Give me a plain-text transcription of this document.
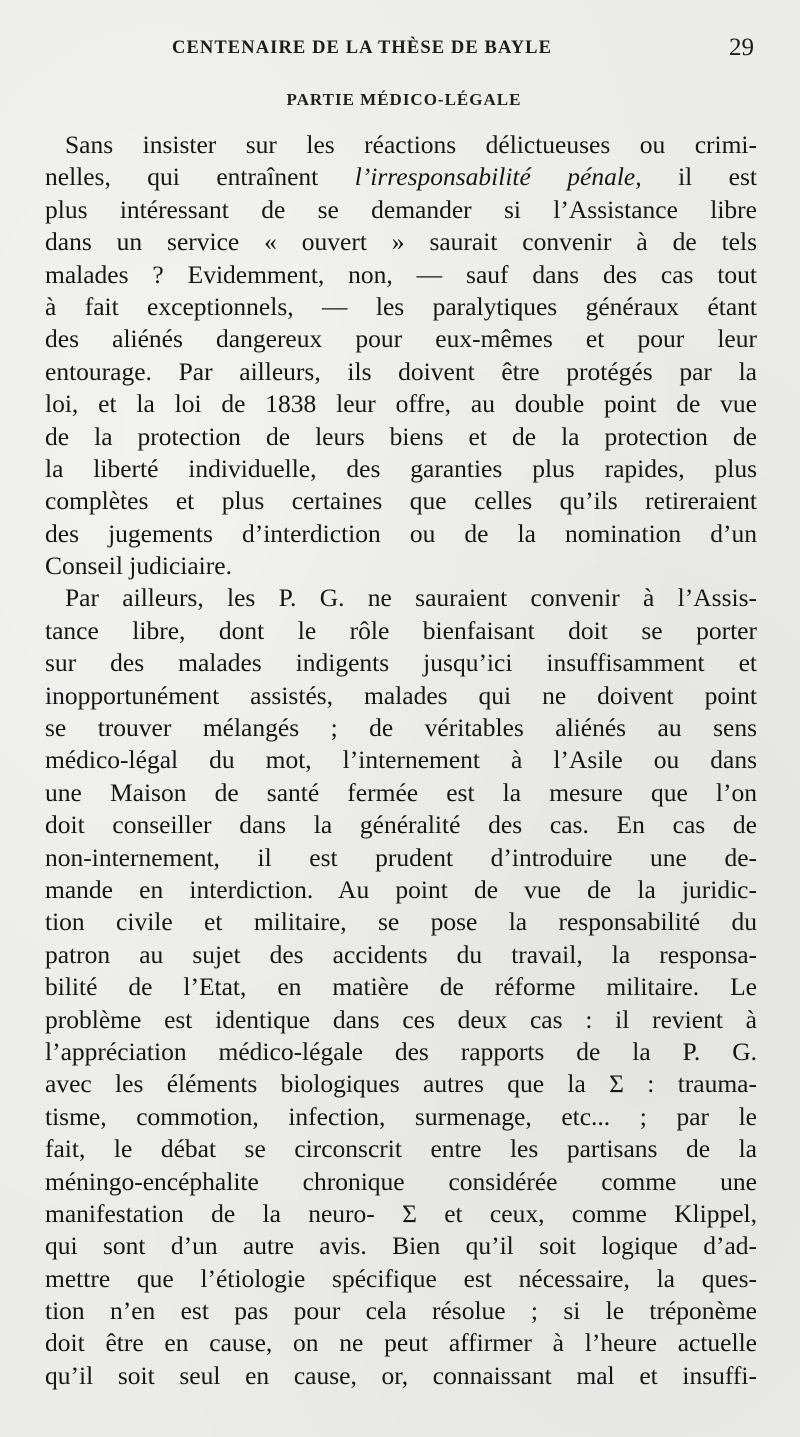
CENTENAIRE DE LA THÈSE DE BAYLE	29
PARTIE MÉDICO-LÉGALE
Sans insister sur les réactions délictueuses ou crimi-
nelles, qui entraînent l’irresponsabilité pénale, il est
plus intéressant de se demander si l’Assistance libre
dans un service « ouvert » saurait convenir à de tels
malades ? Evidemment, non, — sauf dans des cas tout
à fait exceptionnels, — les paralytiques généraux étant
des aliénés dangereux pour eux-mêmes et pour leur
entourage. Par ailleurs, ils doivent être protégés par la
loi, et la loi de 1838 leur offre, au double point de vue
de la protection de leurs biens et de la protection de
la liberté individuelle, des garanties plus rapides, plus
complètes et plus certaines que celles qu’ils retireraient
des jugements d’interdiction ou de la nomination d’un
Conseil judiciaire.
Par ailleurs, les P. G. ne sauraient convenir à l’Assis-
tance libre, dont le rôle bienfaisant doit se porter
sur des malades indigents jusqu’ici insuffisamment et
inopportunément assistés, malades qui ne doivent point
se trouver mélangés ; de véritables aliénés au sens
médico-légal du mot, l’internement à l’Asile ou dans
une Maison de santé fermée est la mesure que l’on
doit conseiller dans la généralité des cas. En cas de
non-internement, il est prudent d’introduire une de-
mande en interdiction. Au point de vue de la juridic-
tion civile et militaire, se pose la responsabilité du
patron au sujet des accidents du travail, la responsa-
bilité de l’Etat, en matière de réforme militaire. Le
problème est identique dans ces deux cas : il revient à
l’appréciation médico-légale des rapports de la P. G.
avec les éléments biologiques autres que la Σ : trauma-
tisme, commotion, infection, surmenage, etc... ; par le
fait, le débat se circonscrit entre les partisans de la
méningo-encéphalite chronique considérée comme une
manifestation de la neuro- Σ et ceux, comme Klippel,
qui sont d’un autre avis. Bien qu’il soit logique d’ad-
mettre que l’étiologie spécifique est nécessaire, la ques-
tion n’en est pas pour cela résolue ; si le tréponème
doit être en cause, on ne peut affirmer à l’heure actuelle
qu’il soit seul en cause, or, connaissant mal et insuffi-
